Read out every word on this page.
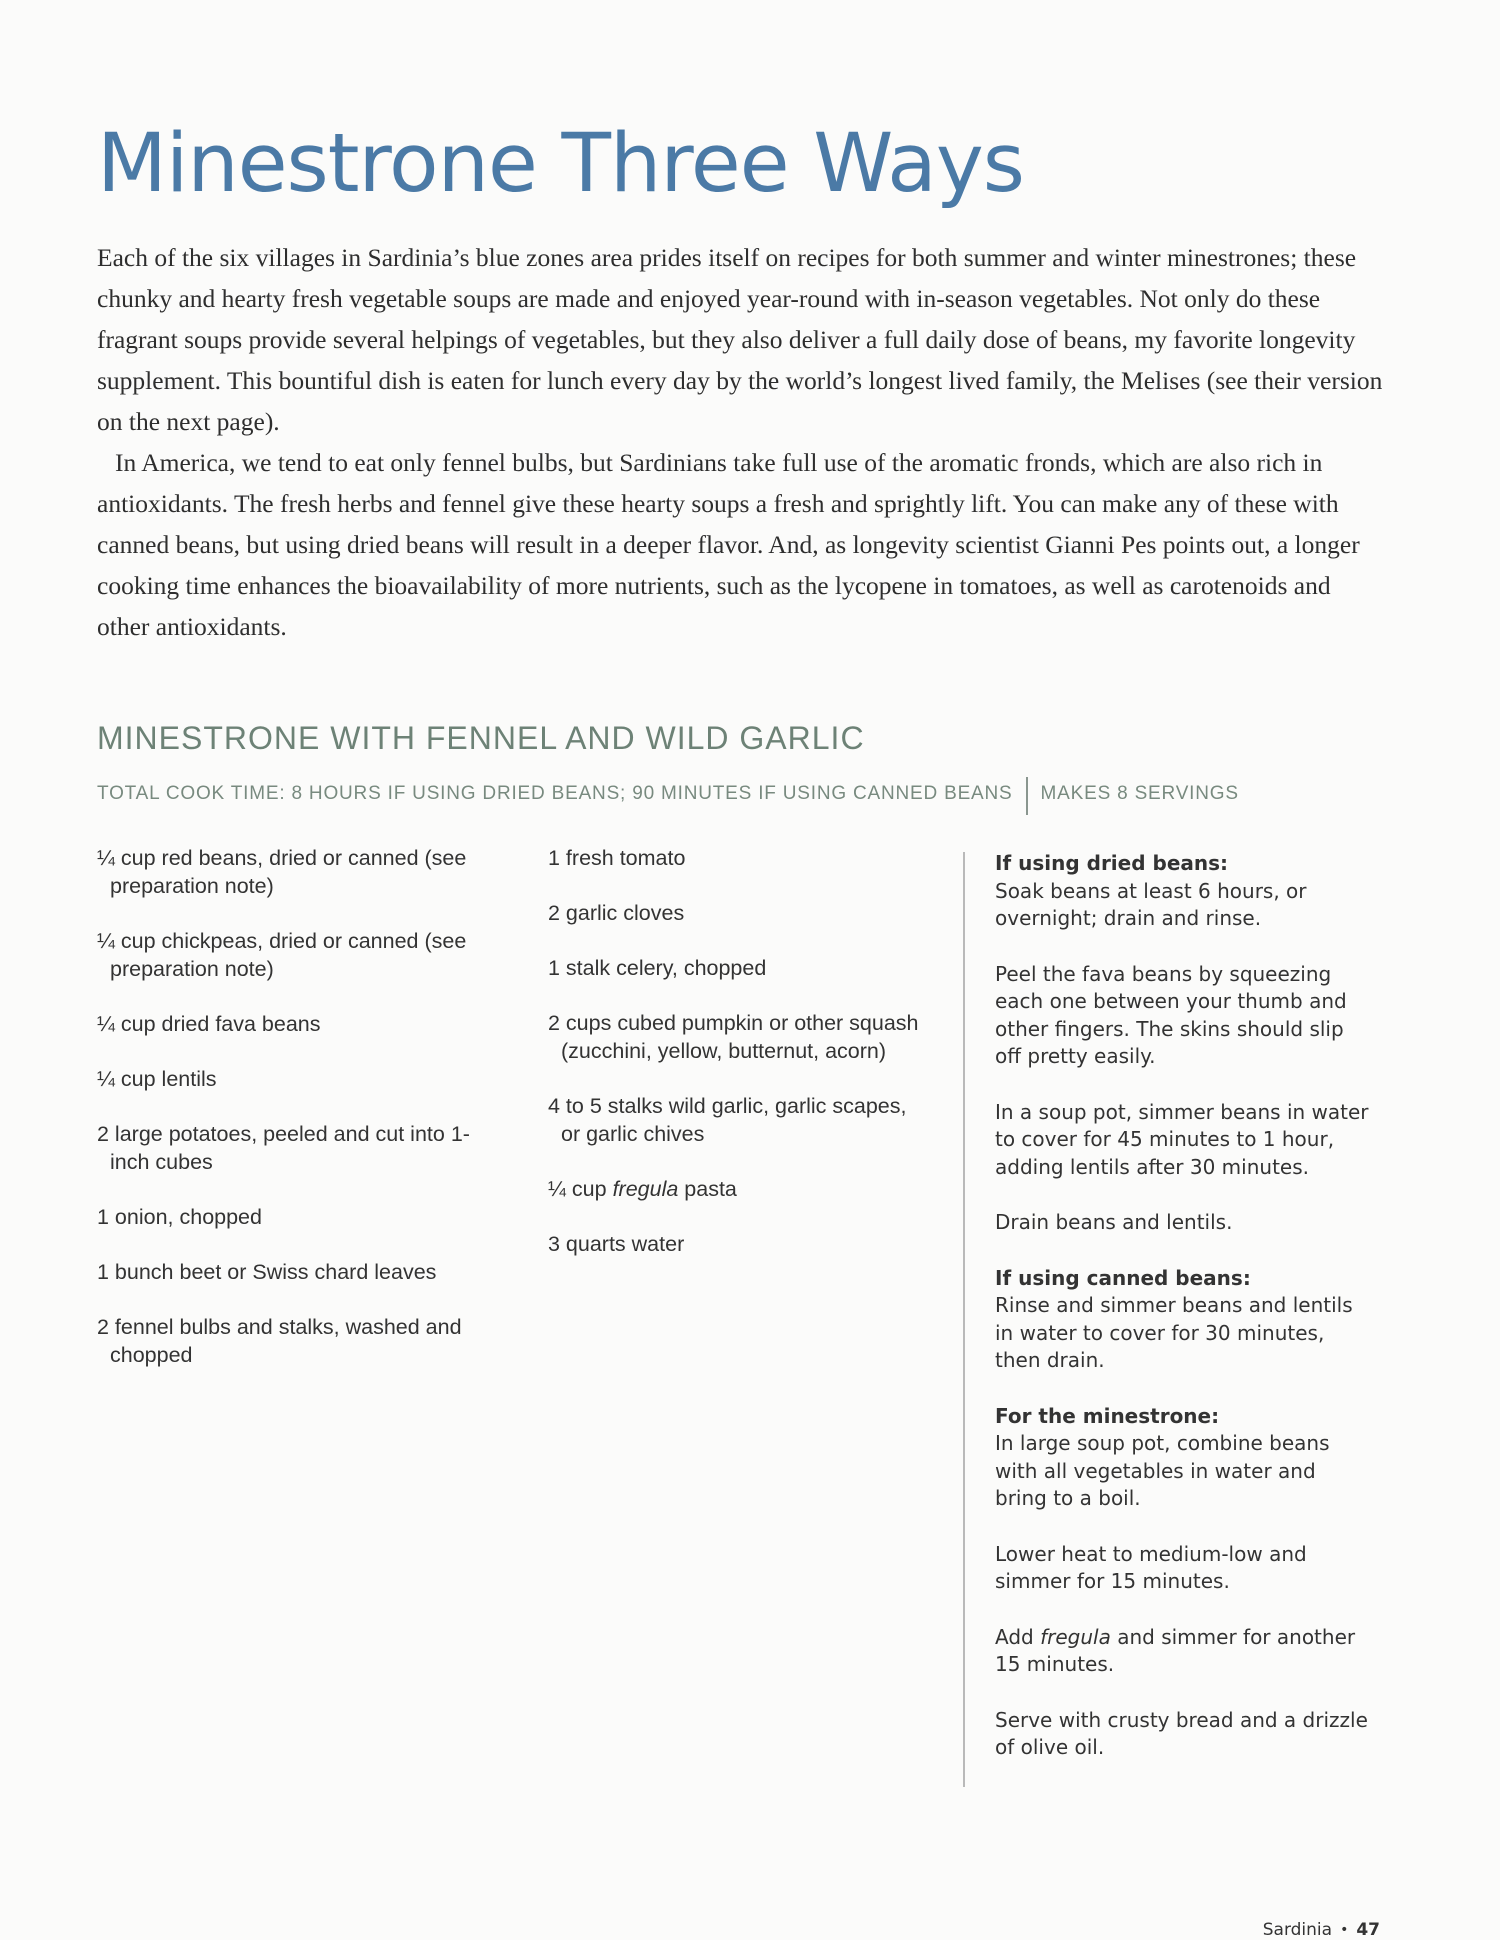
Minestrone Three Ways

Each of the six villages in Sardinia’s blue zones area prides itself on recipes for both summer and winter minestrones; these chunky and hearty fresh vegetable soups are made and enjoyed year-round with in-season vegetables. Not only do these fragrant soups provide several helpings of vegetables, but they also deliver a full daily dose of beans, my favorite longevity supplement. This bountiful dish is eaten for lunch every day by the world’s longest lived family, the Melises (see their version on the next page).

In America, we tend to eat only fennel bulbs, but Sardinians take full use of the aromatic fronds, which are also rich in antioxidants. The fresh herbs and fennel give these hearty soups a fresh and sprightly lift. You can make any of these with canned beans, but using dried beans will result in a deeper flavor. And, as longevity scientist Gianni Pes points out, a longer cooking time enhances the bioavailability of more nutrients, such as the lycopene in tomatoes, as well as carotenoids and other antioxidants.

MINESTRONE WITH FENNEL AND WILD GARLIC
TOTAL COOK TIME: 8 HOURS IF USING DRIED BEANS; 90 MINUTES IF USING CANNED BEANS MAKES 8 SERVINGS
¼ cup red beans, dried or canned (see preparation note)
¼ cup chickpeas, dried or canned (see preparation note)
¼ cup dried fava beans
¼ cup lentils
2 large potatoes, peeled and cut into 1-inch cubes
1 onion, chopped
1 bunch beet or Swiss chard leaves
2 fennel bulbs and stalks, washed and chopped
1 fresh tomato
2 garlic cloves
1 stalk celery, chopped
2 cups cubed pumpkin or other squash (zucchini, yellow, butternut, acorn)
4 to 5 stalks wild garlic, garlic scapes, or garlic chives
¼ cup fregula pasta
3 quarts water
If using dried beans:
Soak beans at least 6 hours, or overnight; drain and rinse.
Peel the fava beans by squeezing each one between your thumb and other fingers. The skins should slip off pretty easily.
In a soup pot, simmer beans in water to cover for 45 minutes to 1 hour, adding lentils after 30 minutes.
Drain beans and lentils.
If using canned beans:
Rinse and simmer beans and lentils in water to cover for 30 minutes, then drain.
For the minestrone:
In large soup pot, combine beans with all vegetables in water and bring to a boil.
Lower heat to medium-low and simmer for 15 minutes.
Add fregula and simmer for another 15 minutes.
Serve with crusty bread and a drizzle of olive oil.
Sardinia • 47
